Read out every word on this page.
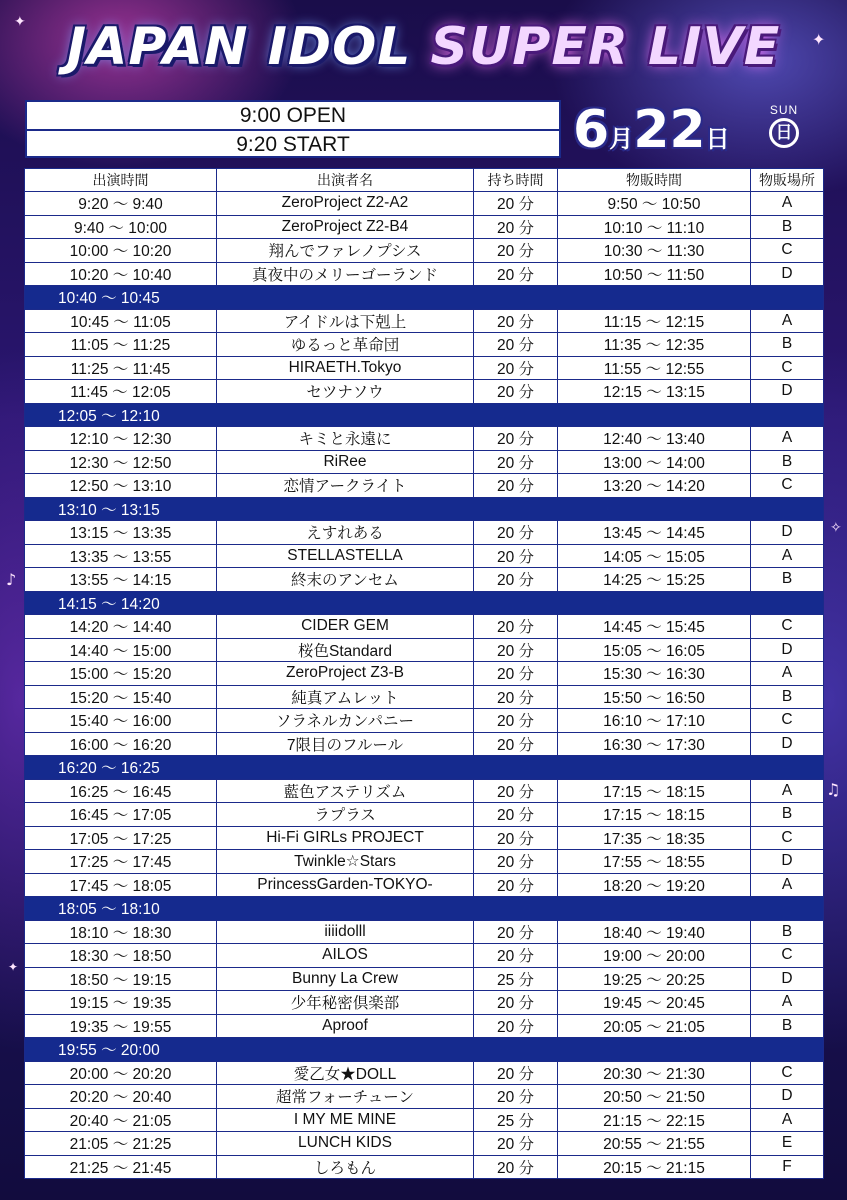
✦
✦
✧
♪
♫
✦
JAPAN IDOL SUPER LIVE
9:00 OPEN
9:20 START	6月22日
SUN
日
出演時間	出演者名	持ち時間	物販時間	物販場所
9:20 ～ 9:40	ZeroProject Z2-A2	20 分	9:50 ～ 10:50	A
9:40 ～ 10:00	ZeroProject Z2-B4	20 分	10:10 ～ 11:10	B
10:00 ～ 10:20	翔んでファレノプシス	20 分	10:30 ～ 11:30	C
10:20 ～ 10:40	真夜中のメリーゴーランド	20 分	10:50 ～ 11:50	D
10:40 ～ 10:45				
10:45 ～ 11:05	アイドルは下剋上	20 分	11:15 ～ 12:15	A
11:05 ～ 11:25	ゆるっと革命団	20 分	11:35 ～ 12:35	B
11:25 ～ 11:45	HIRAETH.Tokyo	20 分	11:55 ～ 12:55	C
11:45 ～ 12:05	セツナソウ	20 分	12:15 ～ 13:15	D
12:05 ～ 12:10				
12:10 ～ 12:30	キミと永遠に	20 分	12:40 ～ 13:40	A
12:30 ～ 12:50	RiRee	20 分	13:00 ～ 14:00	B
12:50 ～ 13:10	恋情アークライト	20 分	13:20 ～ 14:20	C
13:10 ～ 13:15				
13:15 ～ 13:35	えすれある	20 分	13:45 ～ 14:45	D
13:35 ～ 13:55	STELLASTELLA	20 分	14:05 ～ 15:05	A
13:55 ～ 14:15	終末のアンセム	20 分	14:25 ～ 15:25	B
14:15 ～ 14:20				
14:20 ～ 14:40	CIDER GEM	20 分	14:45 ～ 15:45	C
14:40 ～ 15:00	桜色Standard	20 分	15:05 ～ 16:05	D
15:00 ～ 15:20	ZeroProject Z3-B	20 分	15:30 ～ 16:30	A
15:20 ～ 15:40	純真アムレット	20 分	15:50 ～ 16:50	B
15:40 ～ 16:00	ソラネルカンパニー	20 分	16:10 ～ 17:10	C
16:00 ～ 16:20	7限目のフルール	20 分	16:30 ～ 17:30	D
16:20 ～ 16:25				
16:25 ～ 16:45	藍色アステリズム	20 分	17:15 ～ 18:15	A
16:45 ～ 17:05	ラプラス	20 分	17:15 ～ 18:15	B
17:05 ～ 17:25	Hi-Fi GIRLs PROJECT	20 分	17:35 ～ 18:35	C
17:25 ～ 17:45	Twinkle☆Stars	20 分	17:55 ～ 18:55	D
17:45 ～ 18:05	PrincessGarden-TOKYO-	20 分	18:20 ～ 19:20	A
18:05 ～ 18:10				
18:10 ～ 18:30	iiiidolll	20 分	18:40 ～ 19:40	B
18:30 ～ 18:50	AILOS	20 分	19:00 ～ 20:00	C
18:50 ～ 19:15	Bunny La Crew	25 分	19:25 ～ 20:25	D
19:15 ～ 19:35	少年秘密倶楽部	20 分	19:45 ～ 20:45	A
19:35 ～ 19:55	Aproof	20 分	20:05 ～ 21:05	B
19:55 ～ 20:00				
20:00 ～ 20:20	愛乙女★DOLL	20 分	20:30 ～ 21:30	C
20:20 ～ 20:40	超常フォーチューン	20 分	20:50 ～ 21:50	D
20:40 ～ 21:05	I MY ME MINE	25 分	21:15 ～ 22:15	A
21:05 ～ 21:25	LUNCH KIDS	20 分	20:55 ～ 21:55	E
21:25 ～ 21:45	しろもん	20 分	20:15 ～ 21:15	F
